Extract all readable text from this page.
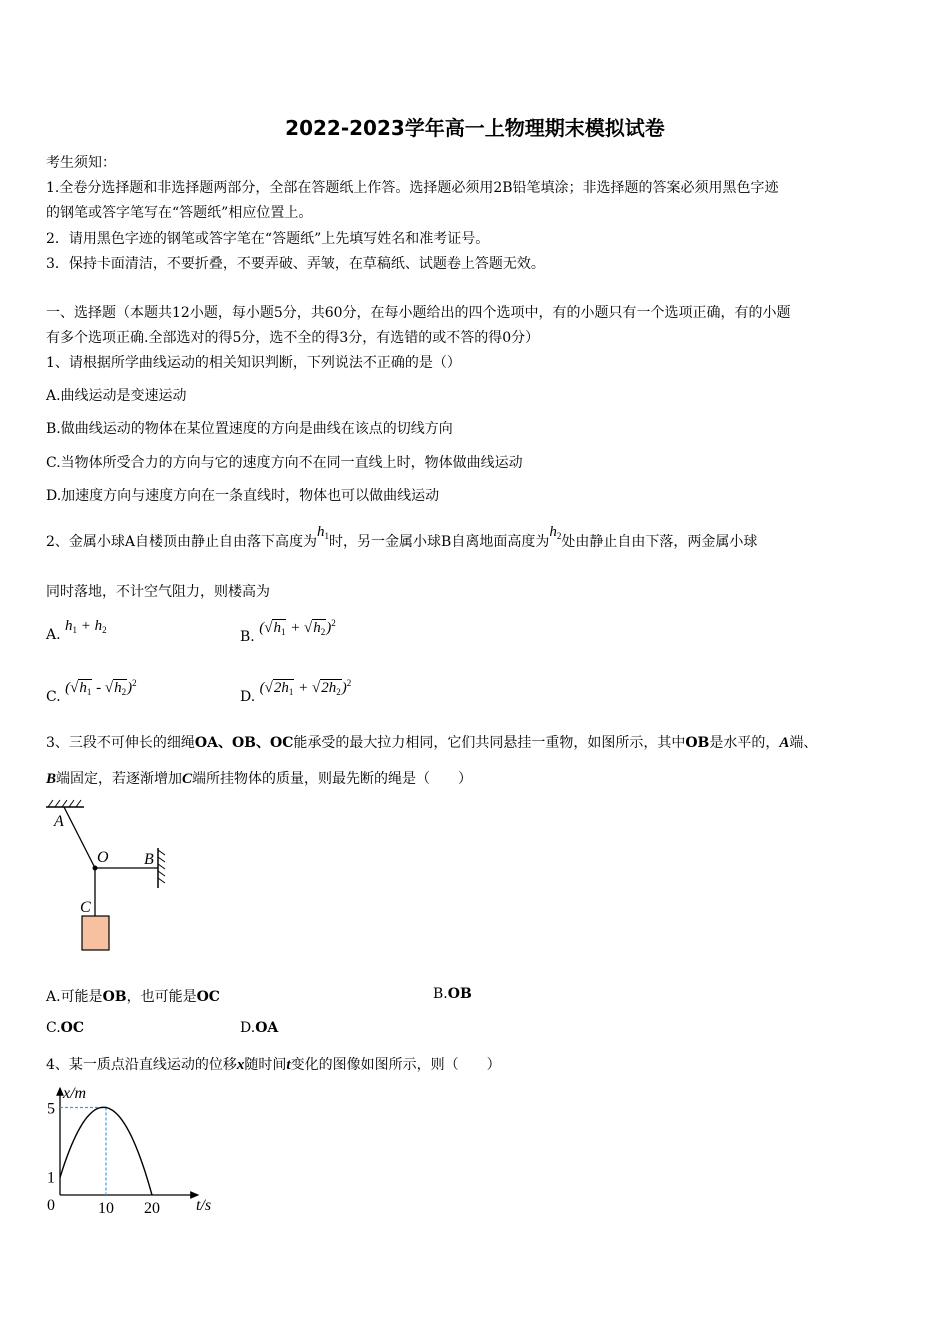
2022-2023学年高一上物理期末模拟试卷
考生须知：
1.全卷分选择题和非选择题两部分，全部在答题纸上作答。选择题必须用2B铅笔填涂；非选择题的答案必须用黑色字迹
的钢笔或答字笔写在“答题纸”相应位置上。
2．请用黑色字迹的钢笔或答字笔在“答题纸”上先填写姓名和准考证号。
3．保持卡面清洁，不要折叠，不要弄破、弄皱，在草稿纸、试题卷上答题无效。
一、选择题（本题共12小题，每小题5分，共60分，在每小题给出的四个选项中，有的小题只有一个选项正确，有的小题
有多个选项正确.全部选对的得5分，选不全的得3分，有选错的或不答的得0分）
1、请根据所学曲线运动的相关知识判断，下列说法不正确的是（）
A.曲线运动是变速运动
B.做曲线运动的物体在某位置速度的方向是曲线在该点的切线方向
C.当物体所受合力的方向与它的速度方向不在同一直线上时，物体做曲线运动
D.加速度方向与速度方向在一条直线时，物体也可以做曲线运动
2、金属小球A自楼顶由静止自由落下高度为$h_1$时，另一金属小球B自离地面高度为$h_2$处由静止自由下落，两金属小球
同时落地，不计空气阻力，则楼高为
A. $h_1 + h_2$	B. $(√h_1 + √h_2)^2$
C. $(√h_1 - √h_2)^2$
D. $(√2h_1 + √2h_2)^2$
3、三段不可伸长的细绳OA、OB、OC能承受的最大拉力相同，它们共同悬挂一重物，如图所示，其中OB是水平的，A端、
B端固定，若逐渐增加C端所挂物体的质量，则最先断的绳是（　　）
A
O B
C
A.可能是OB，也可能是OC	B.OB
C.OC	D.OA
4、某一质点沿直线运动的位移x随时间t变化的图像如图所示，则（　　）
x/m
t/s
0	10 20
1
5
